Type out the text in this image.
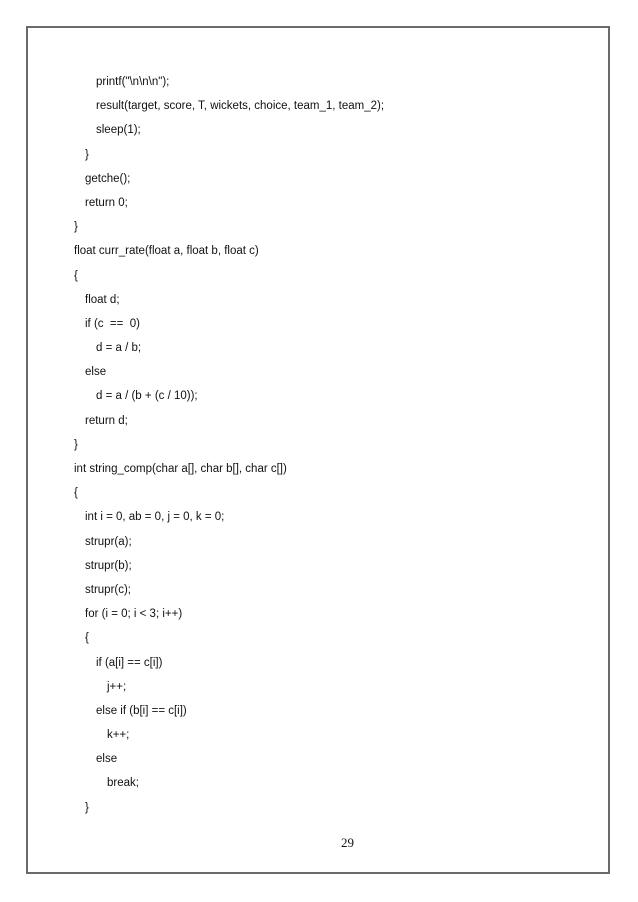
printf("\n\n\n");
result(target, score, T, wickets, choice, team_1, team_2);
sleep(1);
}
getche();
return 0;
}
float curr_rate(float a, float b, float c)
{
float d;
if (c  ==  0)
d = a / b;
else
d = a / (b + (c / 10));
return d;
}
int string_comp(char a[], char b[], char c[])
{
int i = 0, ab = 0, j = 0, k = 0;
strupr(a);
strupr(b);
strupr(c);
for (i = 0; i < 3; i++)
{
if (a[i] == c[i])
j++;
else if (b[i] == c[i])
k++;
else
break;
}
29
